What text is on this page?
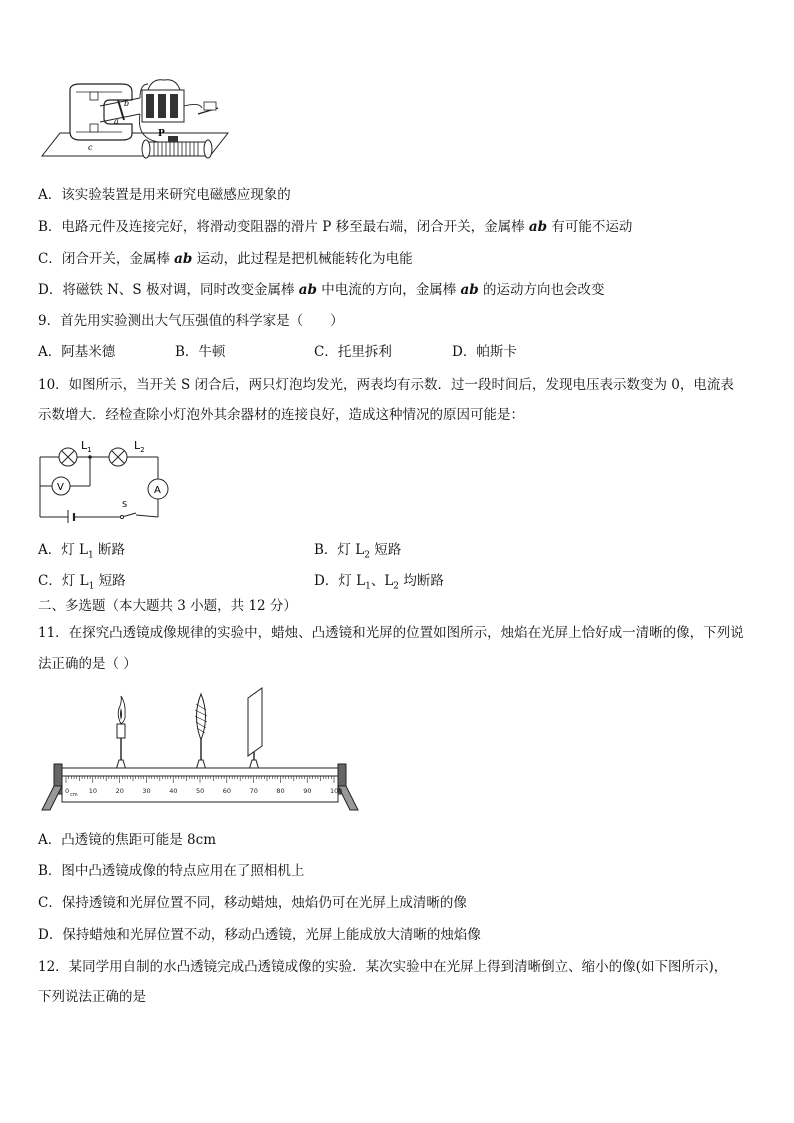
b
a
c
P
A．该实验装置是用来研究电磁感应现象的
B．电路元件及连接完好，将滑动变阻器的滑片 P 移至最右端，闭合开关，金属棒 ab 有可能不运动
C．闭合开关，金属棒 ab 运动，此过程是把机械能转化为电能
D．将磁铁 N、S 极对调，同时改变金属棒 ab 中电流的方向，金属棒 ab 的运动方向也会改变
9．首先用实验测出大气压强值的科学家是（　　）
A．阿基米德	B．牛顿	C．托里拆利	D．帕斯卡
10．如图所示，当开关 S 闭合后，两只灯泡均发光，两表均有示数．过一段时间后，发现电压表示数变为 0，电流表
示数增大．经检查除小灯泡外其余器材的连接良好，造成这种情况的原因可能是：
$L_1$	$L_2$
V	A
S
A．灯 $L_1$ 断路	B．灯 $L_2$ 短路
C．灯 $L_1$ 短路	D．灯 $L_1$、$L_2$ 均断路
二、多选题（本大题共 3 小题，共 12 分）
11．在探究凸透镜成像规律的实验中，蜡烛、凸透镜和光屏的位置如图所示，烛焰在光屏上恰好成一清晰的像，下列说
法正确的是（ ）
0 cm 10	20	30	40	50	60	70	80	90	100
A．凸透镜的焦距可能是 8cm
B．图中凸透镜成像的特点应用在了照相机上
C．保持透镜和光屏位置不同，移动蜡烛，烛焰仍可在光屏上成清晰的像
D．保持蜡烛和光屏位置不动，移动凸透镜，光屏上能成放大清晰的烛焰像
12．某同学用自制的水凸透镜完成凸透镜成像的实验．某次实验中在光屏上得到清晰倒立、缩小的像(如下图所示)，
下列说法正确的是
